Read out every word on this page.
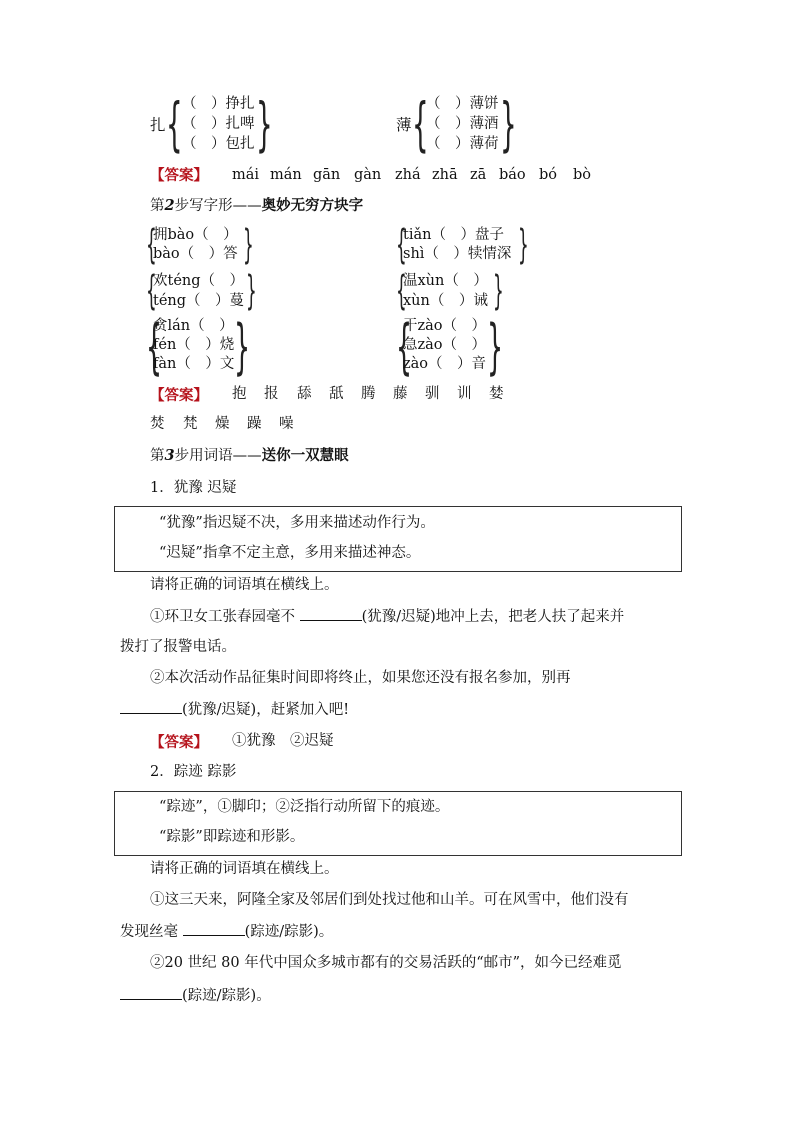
扎 { （　）挣扎
（　）扎啤
（　）包扎 }	薄 {
（　）薄饼
（　）薄酒
（　）薄荷 }
【答案】 mái mán gān gàn zhá zhā zā báo bó bò
第2步写字形——奥妙无穷方块字
{
拥bào（　）
bào（　）答 }	{
tiǎn（　）盘子
shì（　）犊情深 }
{
欢téng（　）
téng（　）蔓 }	{
温xùn（　）
xùn（　）诫 }
{
贪lán（　）
fén（　）烧
fàn（　）文 } {
干zào（　）
急zào（　）
zào（　）音 }
【答案】 抱 报 舔 舐 腾 藤 驯 训 婪
焚 梵 燥 躁 噪
第3步用词语——送你一双慧眼
1．犹豫 迟疑
“犹豫”指迟疑不决，多用来描述动作行为。
“迟疑”指拿不定主意，多用来描述神态。
请将正确的词语填在横线上。
①环卫女工张春园毫不	(犹豫/迟疑)地冲上去，把老人扶了起来并
拨打了报警电话。
②本次活动作品征集时间即将终止，如果您还没有报名参加，别再
(犹豫/迟疑)，赶紧加入吧!
【答案】 ①犹豫　②迟疑
2．踪迹 踪影
“踪迹”，①脚印；②泛指行动所留下的痕迹。
“踪影”即踪迹和形影。
请将正确的词语填在横线上。
①这三天来，阿隆全家及邻居们到处找过他和山羊。可在风雪中，他们没有
发现丝毫	(踪迹/踪影)。
②20 世纪 80 年代中国众多城市都有的交易活跃的“邮市”，如今已经难觅
(踪迹/踪影)。
